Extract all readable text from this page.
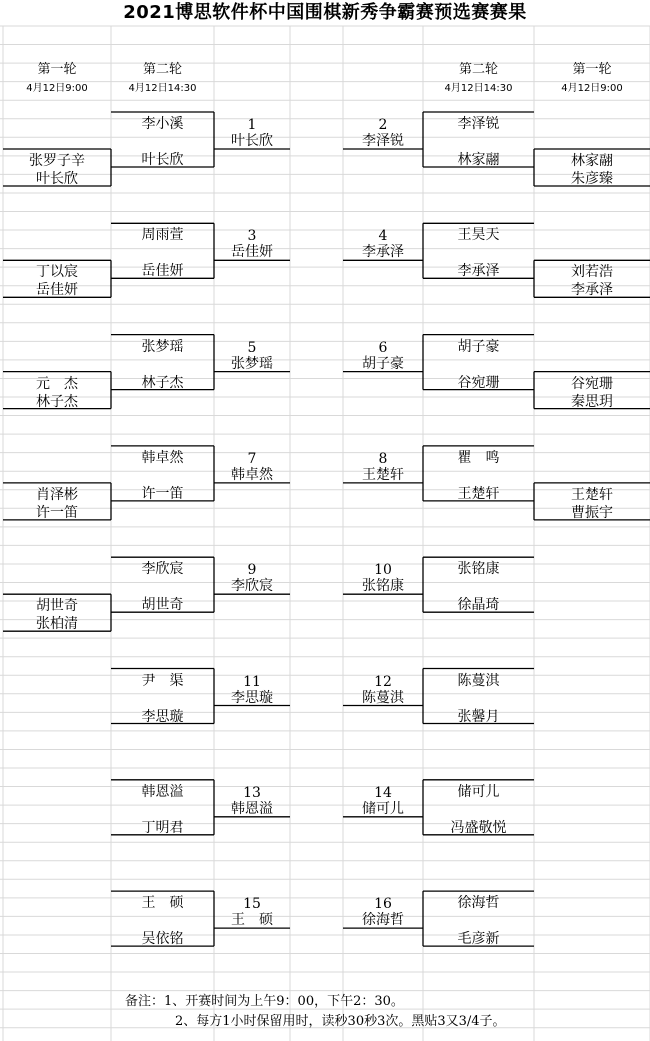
2021博思软件杯中国围棋新秀争霸赛预选赛赛果
第一轮
4月12日9:00
第二轮
4月12日14:30
第二轮
4月12日14:30
第一轮
4月12日9:00
李小溪
叶长欣
1
叶长欣
李泽锐
林家翮
2
李泽锐
张罗子辛
叶长欣
林家翮
朱彦臻
周雨萱
岳佳妍
3
岳佳妍
王昊天
李承泽
4
李承泽
丁以宸
岳佳妍
刘若浩
李承泽
张梦瑶
林子杰
5
张梦瑶
胡子豪
谷宛珊
6
胡子豪
元　杰
林子杰
谷宛珊
秦思玥
韩卓然
许一笛
7
韩卓然
瞿　鸣
王楚轩
8
王楚轩
肖泽彬
许一笛
王楚轩
曹振宇
李欣宸
胡世奇
9
李欣宸
张铭康
徐晶琦
10
张铭康
胡世奇
张柏清
尹　渠
李思璇
11
李思璇
陈蔓淇
张馨月
12
陈蔓淇
韩恩溢
丁明君
13
韩恩溢
储可儿
冯盛敬悦
14
储可儿
王　硕
吴依铭
15
王　硕
徐海哲
毛彦新
16
徐海哲
备注：1、开赛时间为上午9：00，下午2：30。
2、每方1小时保留用时，读秒30秒3次。黑贴3又3/4子。
